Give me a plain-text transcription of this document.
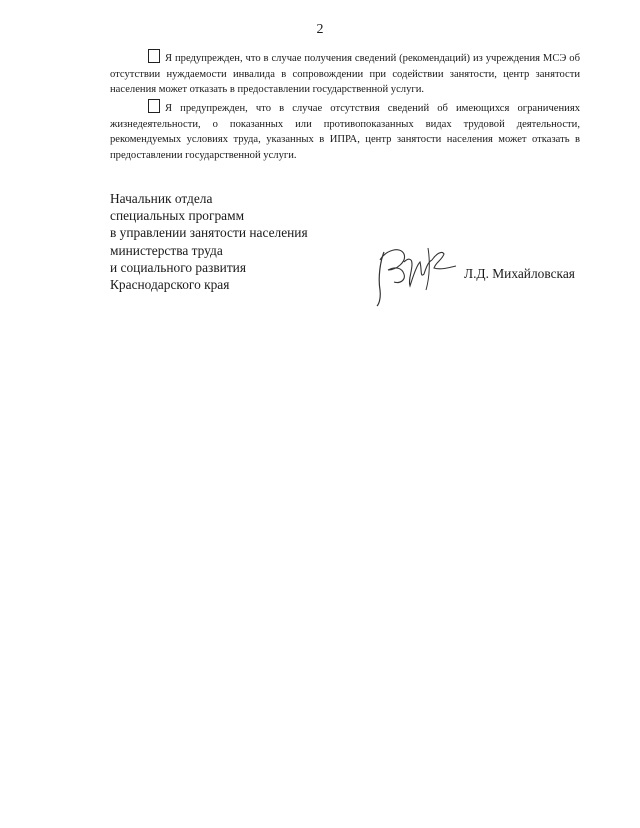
2
Я предупрежден, что в случае получения сведений (рекомендаций) из учреждения МСЭ об отсутствии нуждаемости инвалида в сопровождении при содействии занятости, центр занятости населения может отказать в предоставлении государственной услуги.
Я предупрежден, что в случае отсутствия сведений об имеющихся ограничениях жизнедеятельности, о показанных или противопоказанных видах трудовой деятельности, рекомендуемых условиях труда, указанных в ИПРА, центр занятости населения может отказать в предоставлении государственной услуги.
Начальник отдела
специальных программ
в управлении занятости населения
министерства труда
и социального развития
Краснодарского края
Л.Д. Михайловская
